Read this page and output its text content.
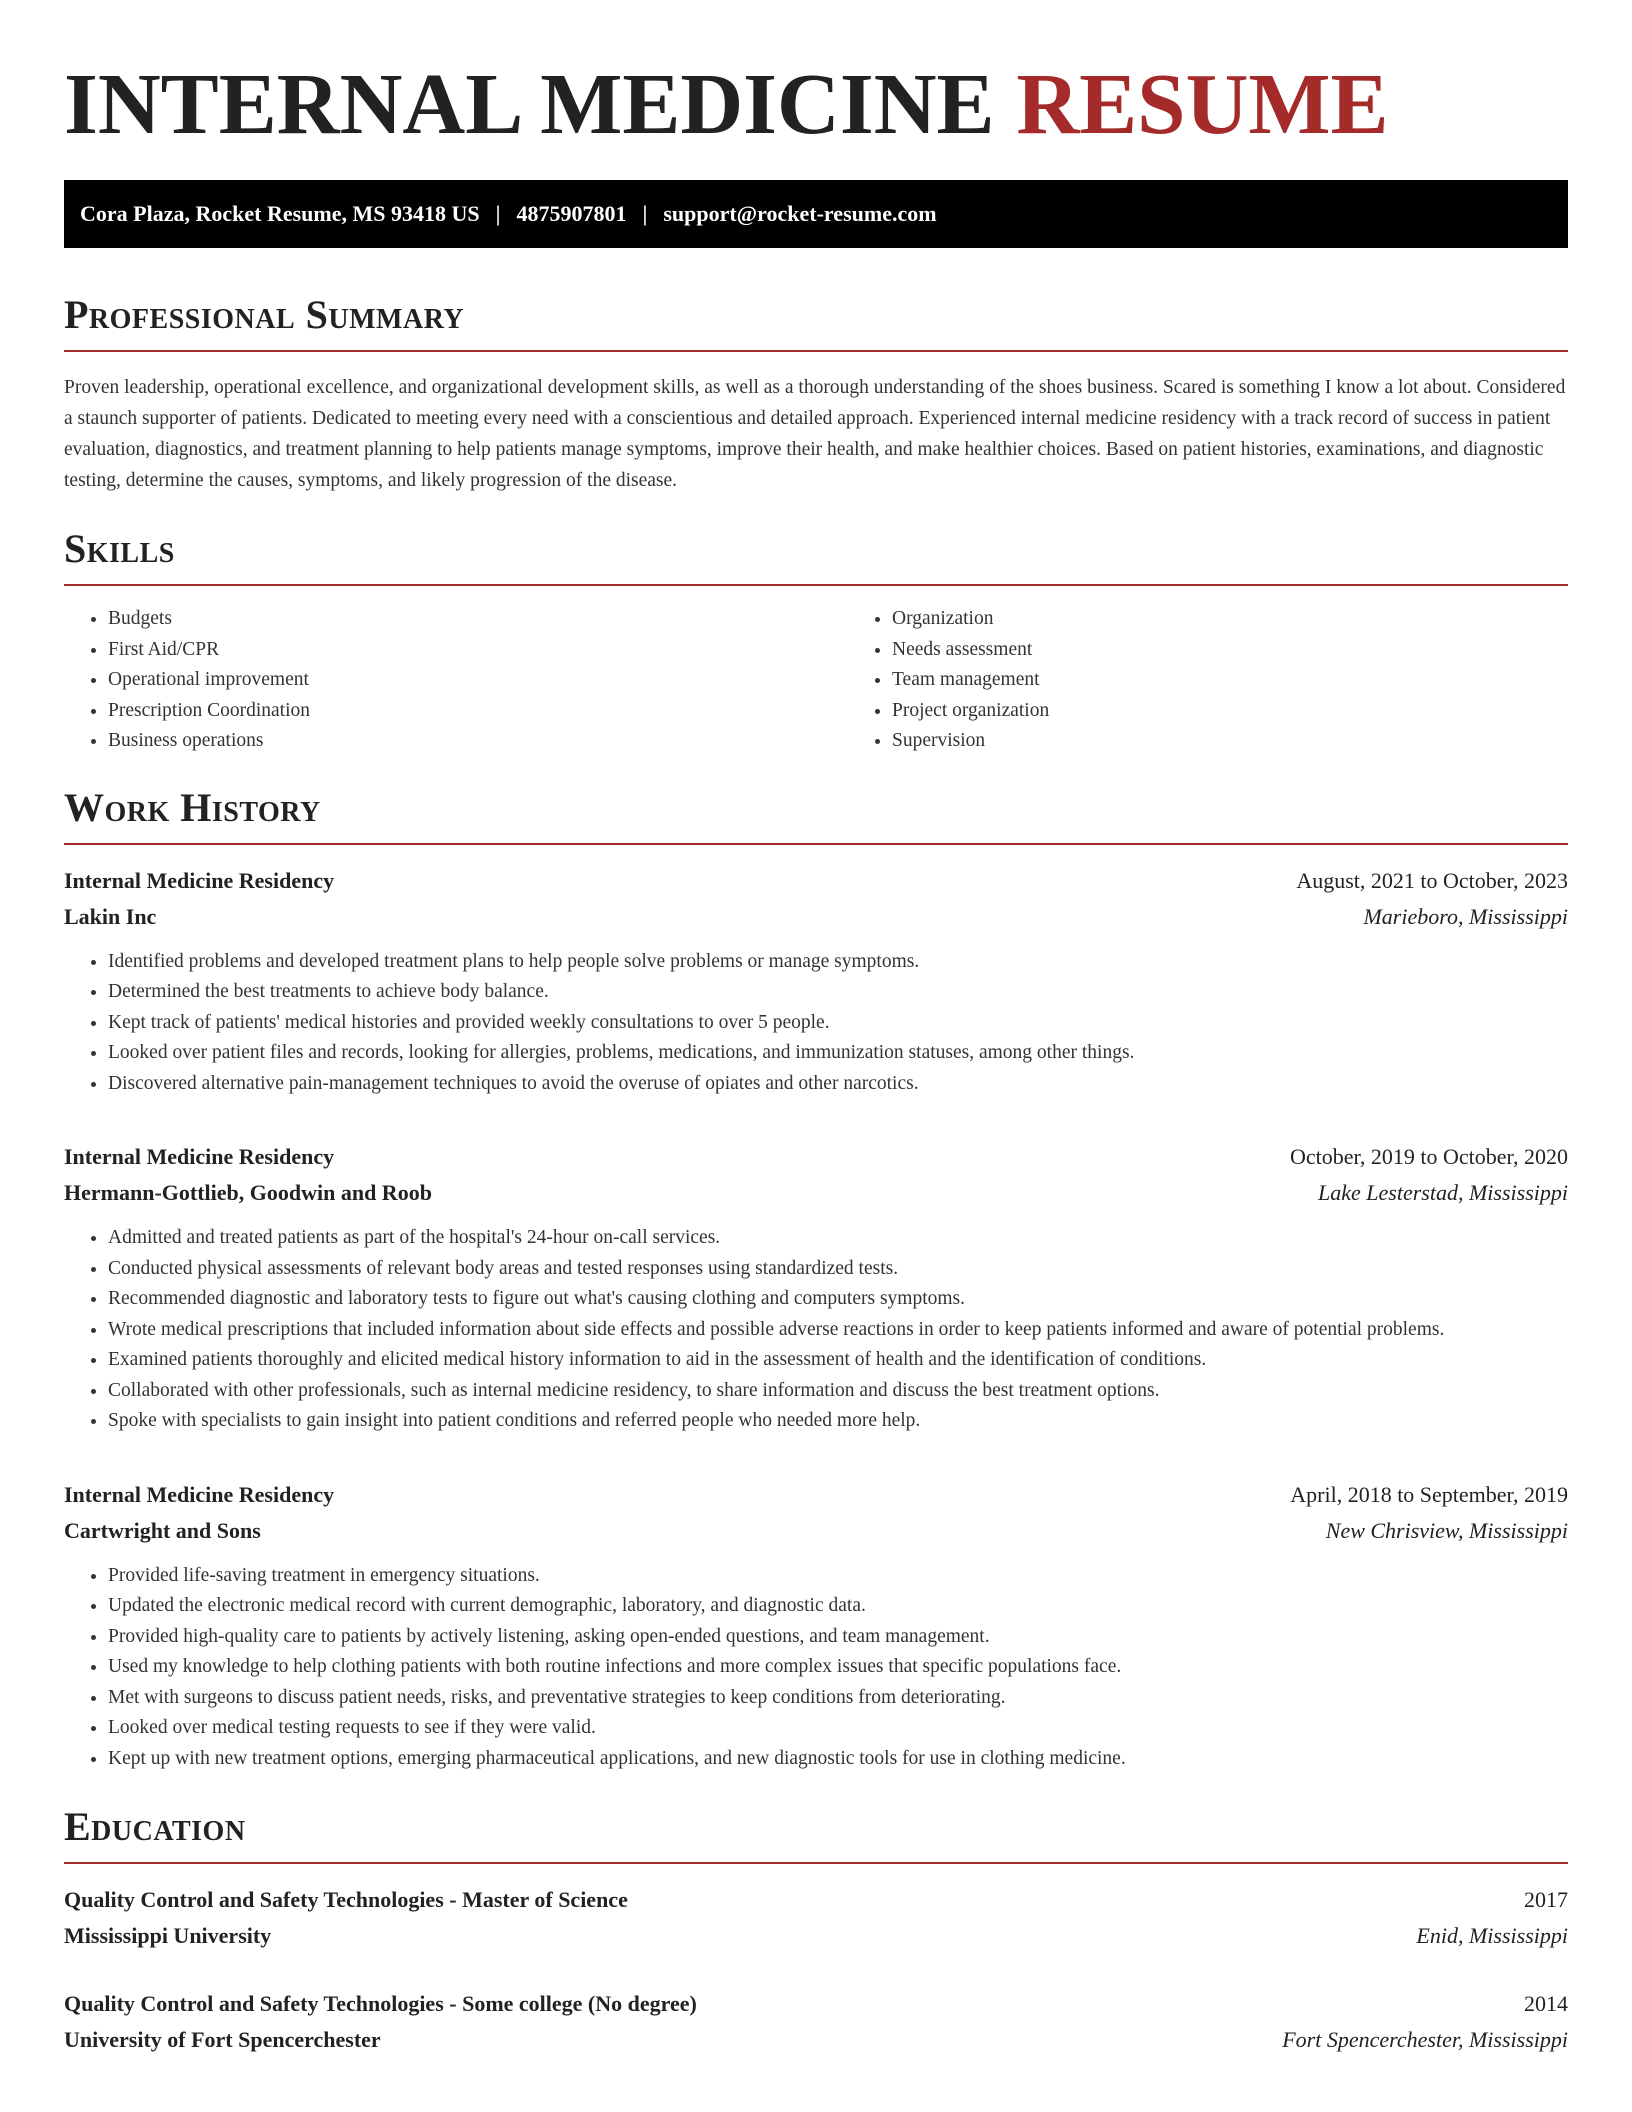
INTERNAL MEDICINE RESUME
Cora Plaza, Rocket Resume, MS 93418 US | 4875907801 | support@rocket-resume.com
Professional Summary

Proven leadership, operational excellence, and organizational development skills, as well as a thorough understanding of the shoes business. Scared is something I know a lot about. Considered a staunch supporter of patients. Dedicated to meeting every need with a conscientious and detailed approach. Experienced internal medicine residency with a track record of success in patient evaluation, diagnostics, and treatment planning to help patients manage symptoms, improve their health, and make healthier choices. Based on patient histories, examinations, and diagnostic testing, determine the causes, symptoms, and likely progression of the disease.

Skills
• Budgets
• First Aid/CPR
• Operational improvement
• Prescription Coordination
• Business operations
• Organization
• Needs assessment
• Team management
• Project organization
• Supervision
Work History
Internal Medicine Residency	August, 2021 to October, 2023
Lakin Inc	Marieboro, Mississippi
• Identified problems and developed treatment plans to help people solve problems or manage symptoms.
• Determined the best treatments to achieve body balance.
• Kept track of patients' medical histories and provided weekly consultations to over 5 people.
• Looked over patient files and records, looking for allergies, problems, medications, and immunization statuses, among other things.
• Discovered alternative pain-management techniques to avoid the overuse of opiates and other narcotics.
Internal Medicine Residency	October, 2019 to October, 2020
Hermann-Gottlieb, Goodwin and Roob	Lake Lesterstad, Mississippi
• Admitted and treated patients as part of the hospital's 24-hour on-call services.
• Conducted physical assessments of relevant body areas and tested responses using standardized tests.
• Recommended diagnostic and laboratory tests to figure out what's causing clothing and computers symptoms.
• Wrote medical prescriptions that included information about side effects and possible adverse reactions in order to keep patients informed and aware of potential problems.
• Examined patients thoroughly and elicited medical history information to aid in the assessment of health and the identification of conditions.
• Collaborated with other professionals, such as internal medicine residency, to share information and discuss the best treatment options.
• Spoke with specialists to gain insight into patient conditions and referred people who needed more help.
Internal Medicine Residency	April, 2018 to September, 2019
Cartwright and Sons	New Chrisview, Mississippi
• Provided life-saving treatment in emergency situations.
• Updated the electronic medical record with current demographic, laboratory, and diagnostic data.
• Provided high-quality care to patients by actively listening, asking open-ended questions, and team management.
• Used my knowledge to help clothing patients with both routine infections and more complex issues that specific populations face.
• Met with surgeons to discuss patient needs, risks, and preventative strategies to keep conditions from deteriorating.
• Looked over medical testing requests to see if they were valid.
• Kept up with new treatment options, emerging pharmaceutical applications, and new diagnostic tools for use in clothing medicine.
Education
Quality Control and Safety Technologies - Master of Science	2017
Mississippi University	Enid, Mississippi
Quality Control and Safety Technologies - Some college (No degree)	2014
University of Fort Spencerchester	Fort Spencerchester, Mississippi
